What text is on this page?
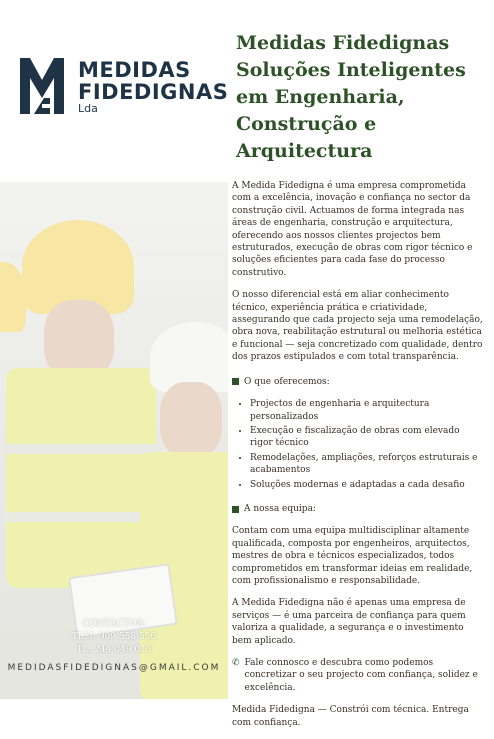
MEDIDAS
FIDEDIGNAS
Lda
Medidas Fidedignas
Soluções Inteligentes
em Engenharia,
Construção e
Arquitectura

A Medida Fidedigna é uma empresa comprometida com a excelência, inovação e confiança no sector da construção civil. Actuamos de forma integrada nas áreas de engenharia, construção e arquitectura, oferecendo aos nossos clientes projectos bem estruturados, execução de obras com rigor técnico e soluções eficientes para cada fase do processo construtivo.

O nosso diferencial está em aliar conhecimento técnico, experiência prática e criatividade, assegurando que cada projecto seja uma remodelação, obra nova, reabilitação estrutural ou melhoria estética e funcional — seja concretizado com qualidade, dentro dos prazos estipulados e com total transparência.

O que oferecemos:
• Projectos de engenharia e arquitectura personalizados
• Execução e fiscalização de obras com elevado rigor técnico
• Remodelações, ampliações, reforços estruturais e acabamentos
• Soluções modernas e adaptadas a cada desafio
A nossa equipa:

Contam com uma equipa multidisciplinar altamente qualificada, composta por engenheiros, arquitectos, mestres de obra e técnicos especializados, todos comprometidos em transformar ideias em realidade, com profissionalismo e responsabilidade.

A Medida Fidedigna não é apenas uma empresa de serviços — é uma parceira de confiança para quem valoriza a qualidade, a segurança e o investimento bem aplicado.

✆ Fale connosco e descubra como podemos concretizar o seu projecto com confiança, solidez e excelência.

Medida Fidedigna — Constrói com técnica. Entrega com confiança.

CONTACTOS:
TLM: 909 558 556
TL: 244 049 015
MEDIDASFIDEDIGNAS@GMAIL.COM
